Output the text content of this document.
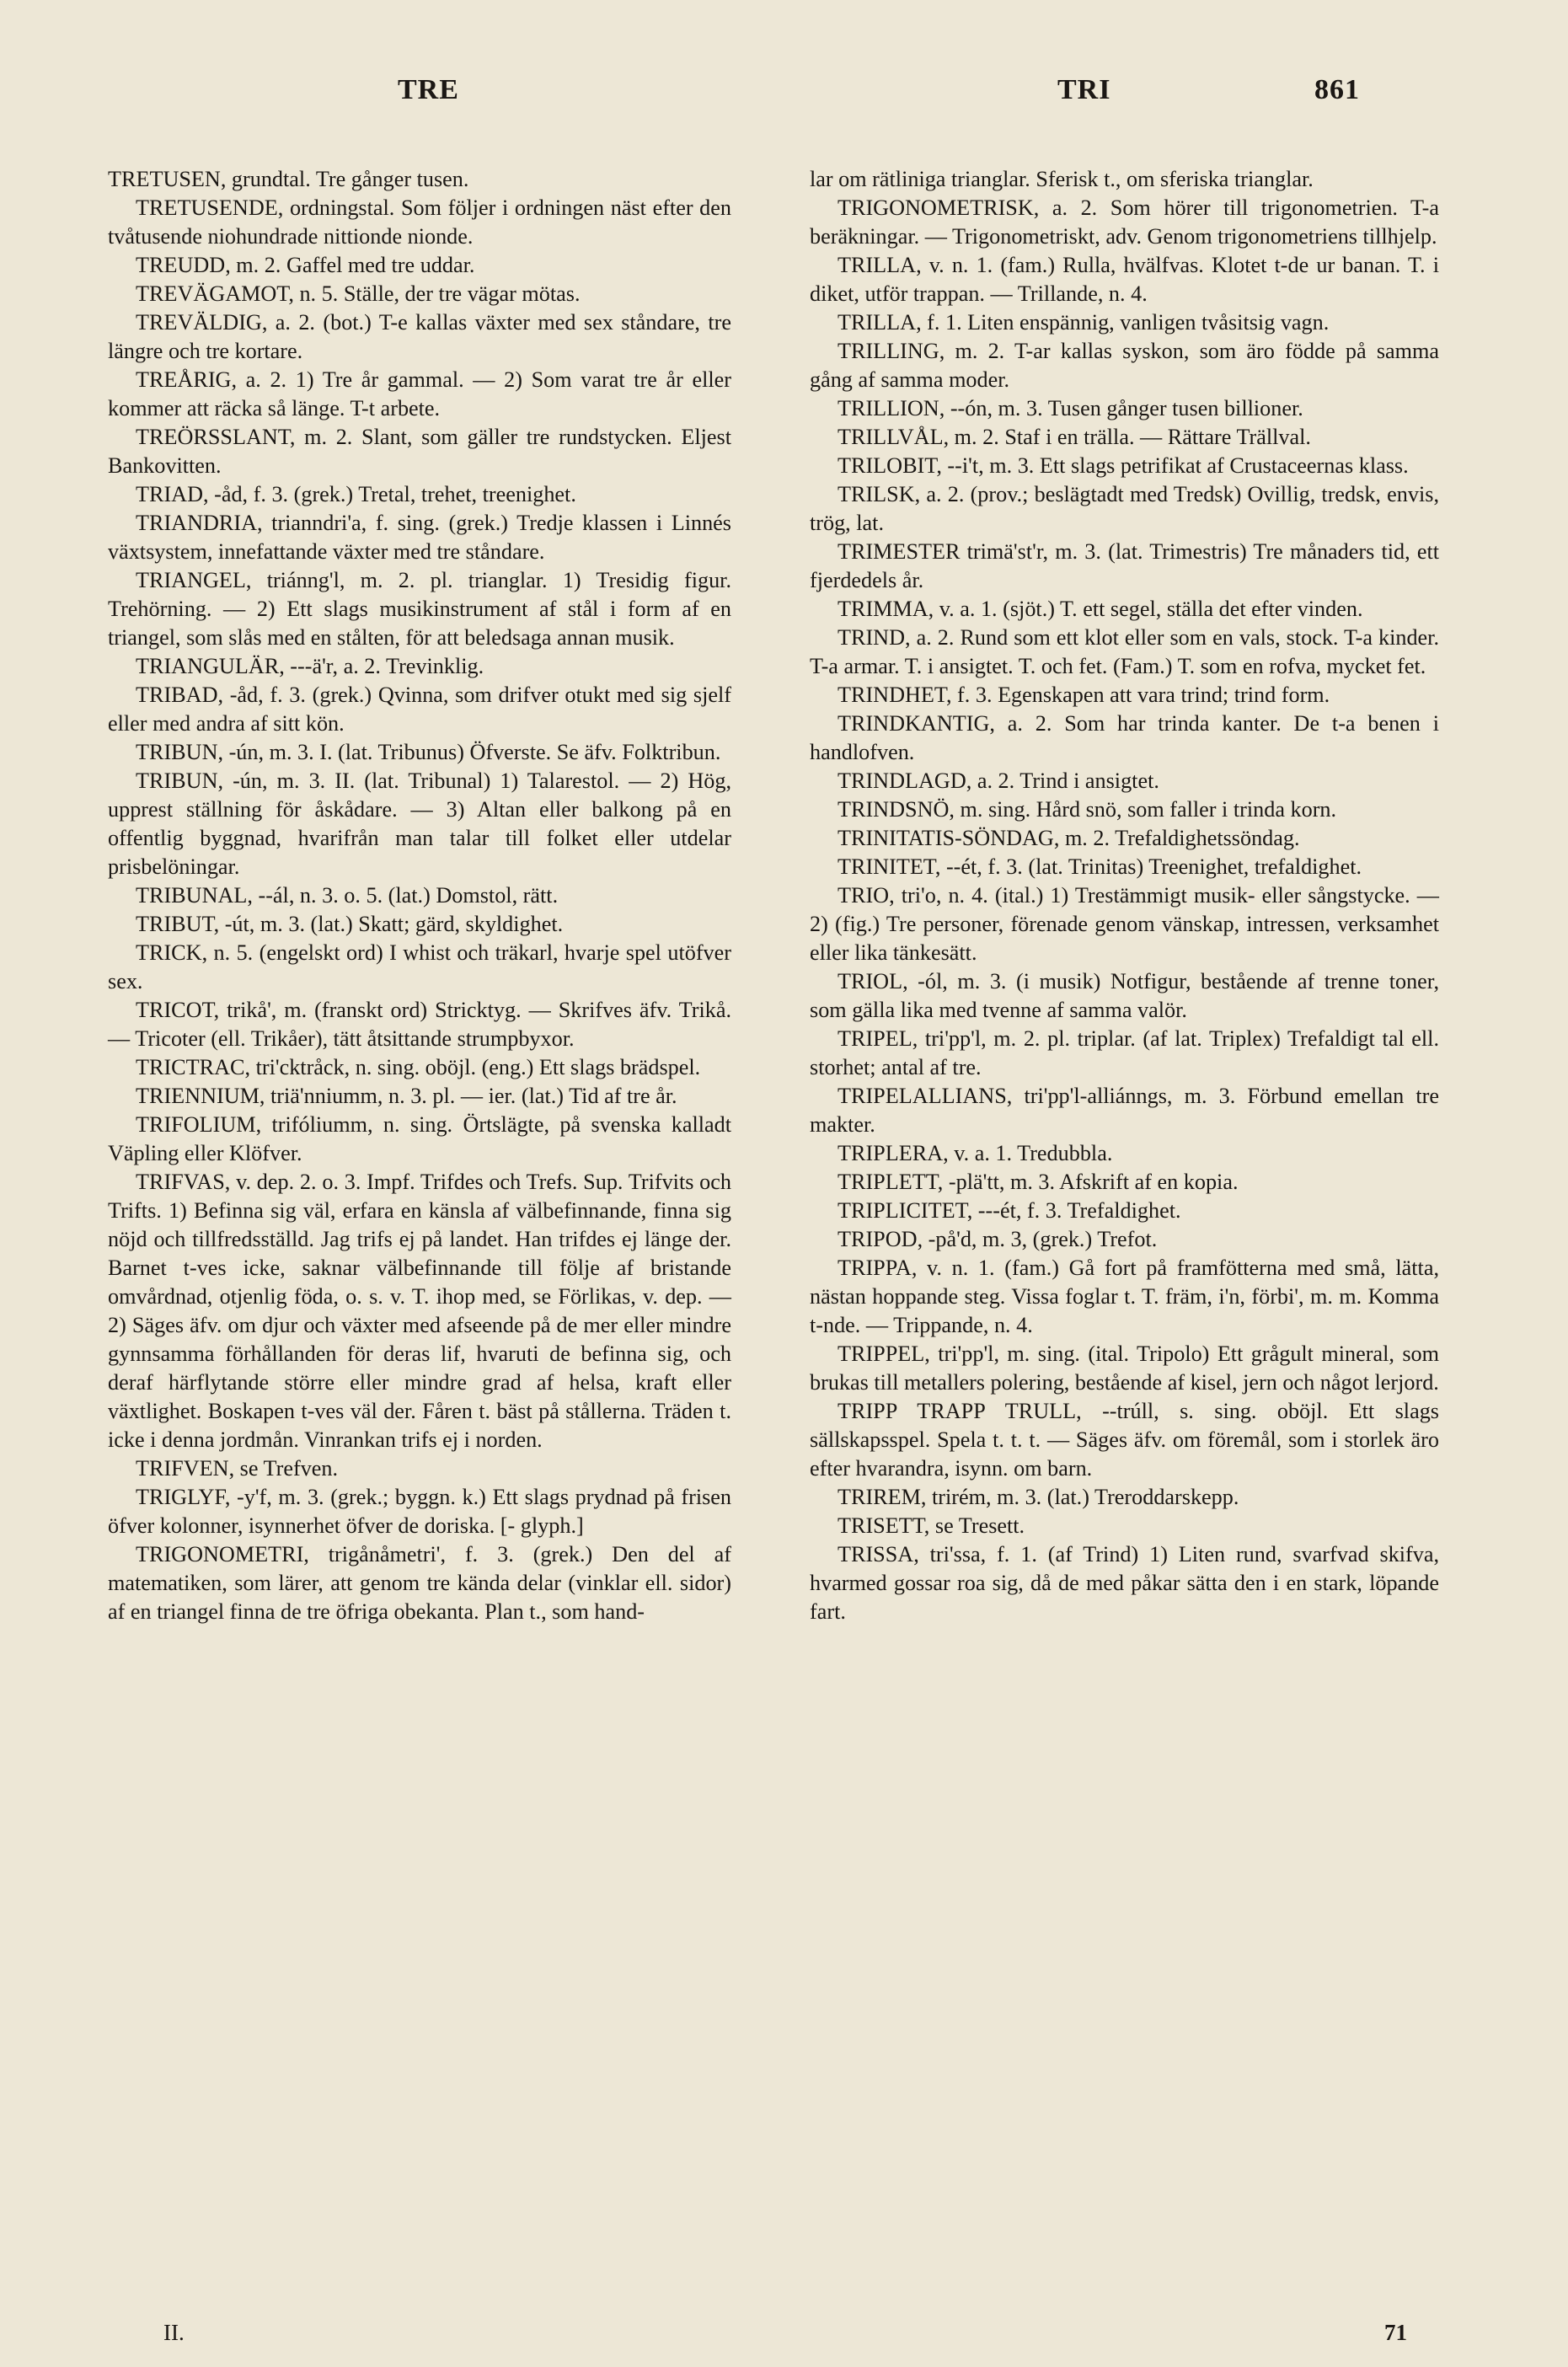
TRE	TRI	861

TRETUSEN, grundtal. Tre gånger tusen.

TRETUSENDE, ordningstal. Som följer i ordningen näst efter den tvåtusende niohundrade nittionde nionde.

TREUDD, m. 2. Gaffel med tre uddar.

TREVÄGAMOT, n. 5. Ställe, der tre vägar mötas.

TREVÄLDIG, a. 2. (bot.) T-e kallas växter med sex ståndare, tre längre och tre kortare.

TREÅRIG, a. 2. 1) Tre år gammal. — 2) Som varat tre år eller kommer att räcka så länge. T-t arbete.

TREÖRSSLANT, m. 2. Slant, som gäller tre rundstycken. Eljest Bankovitten.

TRIAD, -åd, f. 3. (grek.) Tretal, trehet, treenighet.

TRIANDRIA, trianndri'a, f. sing. (grek.) Tredje klassen i Linnés växtsystem, innefattande växter med tre ståndare.

TRIANGEL, triánng'l, m. 2. pl. trianglar. 1) Tresidig figur. Trehörning. — 2) Ett slags musikinstrument af stål i form af en triangel, som slås med en stålten, för att beledsaga annan musik.

TRIANGULÄR, ---ä'r, a. 2. Trevinklig.

TRIBAD, -åd, f. 3. (grek.) Qvinna, som drifver otukt med sig sjelf eller med andra af sitt kön.

TRIBUN, -ún, m. 3. I. (lat. Tribunus) Öfverste. Se äfv. Folktribun.

TRIBUN, -ún, m. 3. II. (lat. Tribunal) 1) Talarestol. — 2) Hög, upprest ställning för åskådare. — 3) Altan eller balkong på en offentlig byggnad, hvarifrån man talar till folket eller utdelar prisbelöningar.

TRIBUNAL, --ál, n. 3. o. 5. (lat.) Domstol, rätt.

TRIBUT, -út, m. 3. (lat.) Skatt; gärd, skyldighet.

TRICK, n. 5. (engelskt ord) I whist och träkarl, hvarje spel utöfver sex.

TRICOT, trikå', m. (franskt ord) Stricktyg. — Skrifves äfv. Trikå. — Tricoter (ell. Trikåer), tätt åtsittande strumpbyxor.

TRICTRAC, tri'cktråck, n. sing. oböjl. (eng.) Ett slags brädspel.

TRIENNIUM, triä'nniumm, n. 3. pl. — ier. (lat.) Tid af tre år.

TRIFOLIUM, trifóliumm, n. sing. Örtslägte, på svenska kalladt Väpling eller Klöfver.

TRIFVAS, v. dep. 2. o. 3. Impf. Trifdes och Trefs. Sup. Trifvits och Trifts. 1) Befinna sig väl, erfara en känsla af välbefinnande, finna sig nöjd och tillfredsställd. Jag trifs ej på landet. Han trifdes ej länge der. Barnet t-ves icke, saknar välbefinnande till följe af bristande omvårdnad, otjenlig föda, o. s. v. T. ihop med, se Förlikas, v. dep. — 2) Säges äfv. om djur och växter med afseende på de mer eller mindre gynnsamma förhållanden för deras lif, hvaruti de befinna sig, och deraf härflytande större eller mindre grad af helsa, kraft eller växtlighet. Boskapen t-ves väl der. Fåren t. bäst på stållerna. Träden t. icke i denna jordmån. Vinrankan trifs ej i norden.

TRIFVEN, se Trefven.

TRIGLYF, -y'f, m. 3. (grek.; byggn. k.) Ett slags prydnad på frisen öfver kolonner, isynnerhet öfver de doriska. [- glyph.]

TRIGONOMETRI, trigånåmetri', f. 3. (grek.) Den del af matematiken, som lärer, att genom tre kända delar (vinklar ell. sidor) af en triangel finna de tre öfriga obekanta. Plan t., som hand-

lar om rätliniga trianglar. Sferisk t., om sferiska trianglar.

TRIGONOMETRISK, a. 2. Som hörer till trigonometrien. T-a beräkningar. — Trigonometriskt, adv. Genom trigonometriens tillhjelp.

TRILLA, v. n. 1. (fam.) Rulla, hvälfvas. Klotet t-de ur banan. T. i diket, utför trappan. — Trillande, n. 4.

TRILLA, f. 1. Liten enspännig, vanligen tvåsitsig vagn.

TRILLING, m. 2. T-ar kallas syskon, som äro födde på samma gång af samma moder.

TRILLION, --ón, m. 3. Tusen gånger tusen billioner.

TRILLVÅL, m. 2. Staf i en trälla. — Rättare Trällval.

TRILOBIT, --i't, m. 3. Ett slags petrifikat af Crustaceernas klass.

TRILSK, a. 2. (prov.; beslägtadt med Tredsk) Ovillig, tredsk, envis, trög, lat.

TRIMESTER trimä'st'r, m. 3. (lat. Trimestris) Tre månaders tid, ett fjerdedels år.

TRIMMA, v. a. 1. (sjöt.) T. ett segel, ställa det efter vinden.

TRIND, a. 2. Rund som ett klot eller som en vals, stock. T-a kinder. T-a armar. T. i ansigtet. T. och fet. (Fam.) T. som en rofva, mycket fet.

TRINDHET, f. 3. Egenskapen att vara trind; trind form.

TRINDKANTIG, a. 2. Som har trinda kanter. De t-a benen i handlofven.

TRINDLAGD, a. 2. Trind i ansigtet.

TRINDSNÖ, m. sing. Hård snö, som faller i trinda korn.

TRINITATIS-SÖNDAG, m. 2. Trefaldighetssöndag.

TRINITET, --ét, f. 3. (lat. Trinitas) Treenighet, trefaldighet.

TRIO, tri'o, n. 4. (ital.) 1) Trestämmigt musik- eller sångstycke. — 2) (fig.) Tre personer, förenade genom vänskap, intressen, verksamhet eller lika tänkesätt.

TRIOL, -ól, m. 3. (i musik) Notfigur, bestående af trenne toner, som gälla lika med tvenne af samma valör.

TRIPEL, tri'pp'l, m. 2. pl. triplar. (af lat. Triplex) Trefaldigt tal ell. storhet; antal af tre.

TRIPELALLIANS, tri'pp'l-alliánngs, m. 3. Förbund emellan tre makter.

TRIPLERA, v. a. 1. Tredubbla.

TRIPLETT, -plä'tt, m. 3. Afskrift af en kopia.

TRIPLICITET, ---ét, f. 3. Trefaldighet.

TRIPOD, -på'd, m. 3, (grek.) Trefot.

TRIPPA, v. n. 1. (fam.) Gå fort på framfötterna med små, lätta, nästan hoppande steg. Vissa foglar t. T. främ, i'n, förbi', m. m. Komma t-nde. — Trippande, n. 4.

TRIPPEL, tri'pp'l, m. sing. (ital. Tripolo) Ett grågult mineral, som brukas till metallers polering, bestående af kisel, jern och något lerjord.

TRIPP TRAPP TRULL, --trúll, s. sing. oböjl. Ett slags sällskapsspel. Spela t. t. t. — Säges äfv. om föremål, som i storlek äro efter hvarandra, isynn. om barn.

TRIREM, trirém, m. 3. (lat.) Treroddarskepp.

TRISETT, se Tresett.

TRISSA, tri'ssa, f. 1. (af Trind) 1) Liten rund, svarfvad skifva, hvarmed gossar roa sig, då de med påkar sätta den i en stark, löpande fart.

II.	71
